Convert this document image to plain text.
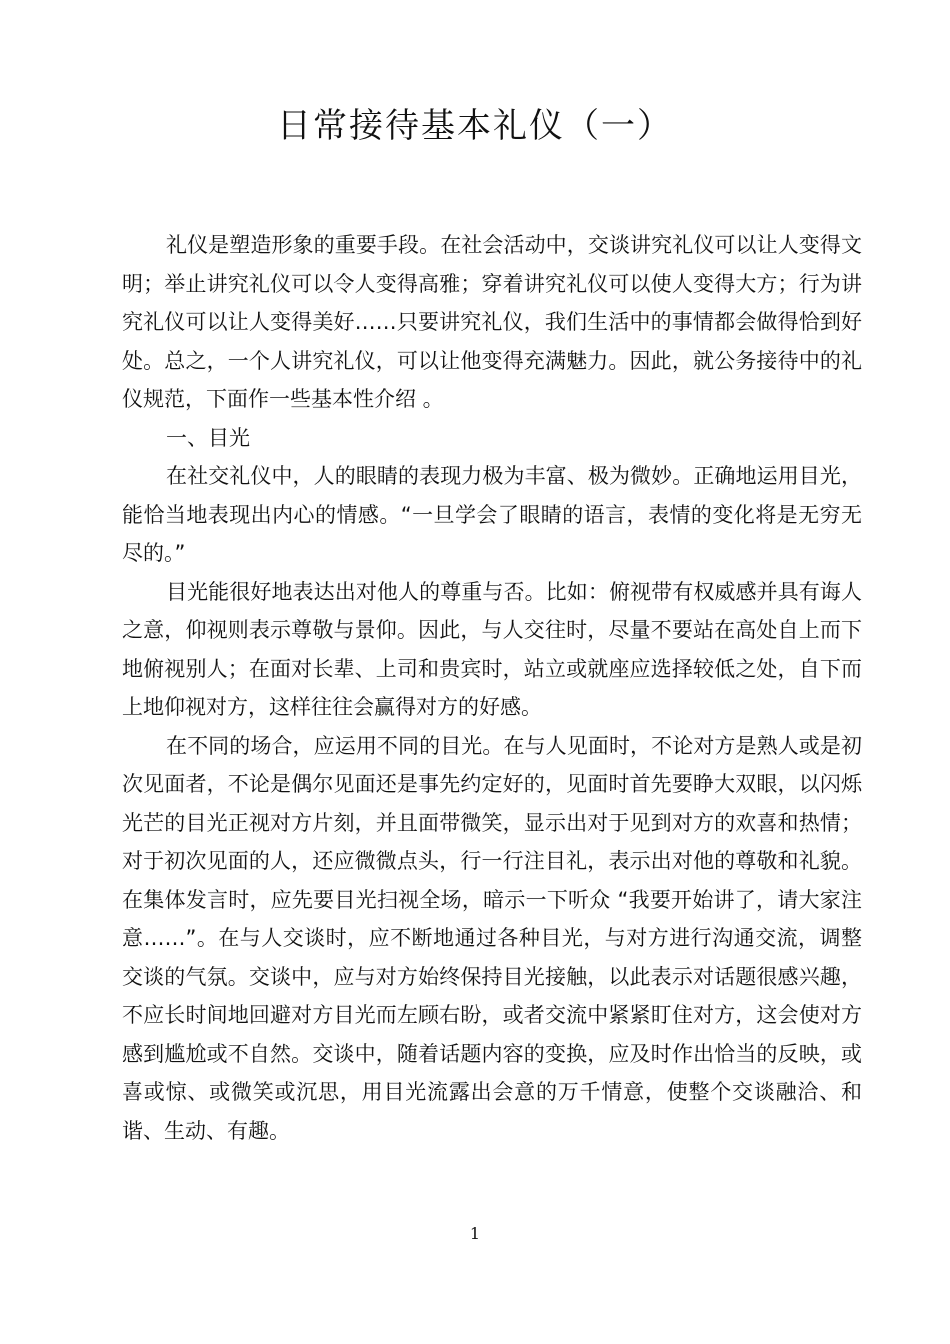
日常接待基本礼仪（一）

礼仪是塑造形象的重要手段。在社会活动中，交谈讲究礼仪可以让人变得文明；举止讲究礼仪可以令人变得高雅；穿着讲究礼仪可以使人变得大方；行为讲究礼仪可以让人变得美好……只要讲究礼仪，我们生活中的事情都会做得恰到好处。总之，一个人讲究礼仪，可以让他变得充满魅力。因此，就公务接待中的礼仪规范，下面作一些基本性介绍 。

一、目光

在社交礼仪中，人的眼睛的表现力极为丰富、极为微妙。正确地运用目光，能恰当地表现出内心的情感。“一旦学会了眼睛的语言，表情的变化将是无穷无尽的。”

目光能很好地表达出对他人的尊重与否。比如：俯视带有权威感并具有诲人之意，仰视则表示尊敬与景仰。因此，与人交往时，尽量不要站在高处自上而下地俯视别人；在面对长辈、上司和贵宾时，站立或就座应选择较低之处，自下而上地仰视对方，这样往往会赢得对方的好感。

在不同的场合，应运用不同的目光。在与人见面时，不论对方是熟人或是初次见面者，不论是偶尔见面还是事先约定好的，见面时首先要睁大双眼，以闪烁光芒的目光正视对方片刻，并且面带微笑，显示出对于见到对方的欢喜和热情；对于初次见面的人，还应微微点头，行一行注目礼，表示出对他的尊敬和礼貌。在集体发言时，应先要目光扫视全场，暗示一下听众 “我要开始讲了，请大家注意……”。在与人交谈时，应不断地通过各种目光，与对方进行沟通交流，调整交谈的气氛。交谈中，应与对方始终保持目光接触，以此表示对话题很感兴趣，不应长时间地回避对方目光而左顾右盼，或者交流中紧紧盯住对方，这会使对方感到尴尬或不自然。交谈中，随着话题内容的变换，应及时作出恰当的反映，或喜或惊、或微笑或沉思，用目光流露出会意的万千情意，使整个交谈融洽、和谐、生动、有趣。

1
